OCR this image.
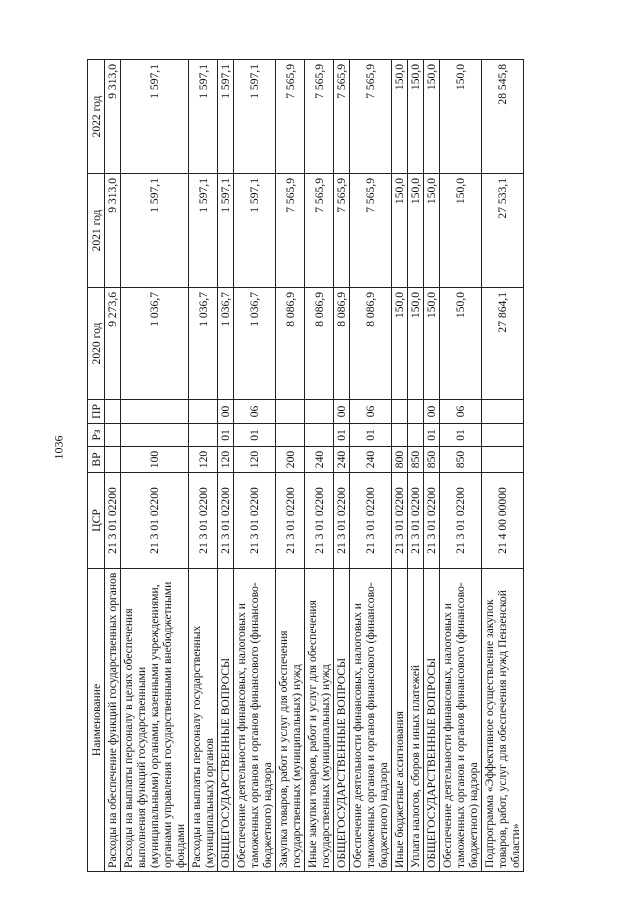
1036
Наименование	ЦСР	ВР	Рз	ПР	2020 год	2021 год	2022 год
Расходы на обеспечение функций государственных органов	21 3 01 02200				9 273,6	9 313,0	9 313,0
Расходы на выплаты персоналу в целях обеспечения выполнения функций государственными (муниципальными) органами, казенными учреждениями, органами управления государственными внебюджетными фондами	21 3 01 02200	100			1 036,7	1 597,1	1 597,1
Расходы на выплаты персоналу государственных (муниципальных) органов	21 3 01 02200	120			1 036,7	1 597,1	1 597,1
ОБЩЕГОСУДАРСТВЕННЫЕ ВОПРОСЫ	21 3 01 02200	120	01	00	1 036,7	1 597,1	1 597,1
Обеспечение деятельности финансовых, налоговых и таможенных органов и органов финансового (финансово-бюджетного) надзора	21 3 01 02200	120	01	06	1 036,7	1 597,1	1 597,1
Закупка товаров, работ и услуг для обеспечения государственных (муниципальных) нужд	21 3 01 02200	200			8 086,9	7 565,9	7 565,9
Иные закупки товаров, работ и услуг для обеспечения государственных (муниципальных) нужд	21 3 01 02200	240			8 086,9	7 565,9	7 565,9
ОБЩЕГОСУДАРСТВЕННЫЕ ВОПРОСЫ	21 3 01 02200	240	01	00	8 086,9	7 565,9	7 565,9
Обеспечение деятельности финансовых, налоговых и таможенных органов и органов финансового (финансово-бюджетного) надзора	21 3 01 02200	240	01	06	8 086,9	7 565,9	7 565,9
Иные бюджетные ассигнования	21 3 01 02200	800			150,0	150,0	150,0
Уплата налогов, сборов и иных платежей	21 3 01 02200	850			150,0	150,0	150,0
ОБЩЕГОСУДАРСТВЕННЫЕ ВОПРОСЫ	21 3 01 02200	850	01	00	150,0	150,0	150,0
Обеспечение деятельности финансовых, налоговых и таможенных органов и органов финансового (финансово-бюджетного) надзора	21 3 01 02200	850	01	06	150,0	150,0	150,0
Подпрограмма «Эффективное осуществление закупок товаров, работ, услуг для обеспечения нужд Пензенской области»	21 4 00 00000				27 864,1	27 533,1	28 545,8
